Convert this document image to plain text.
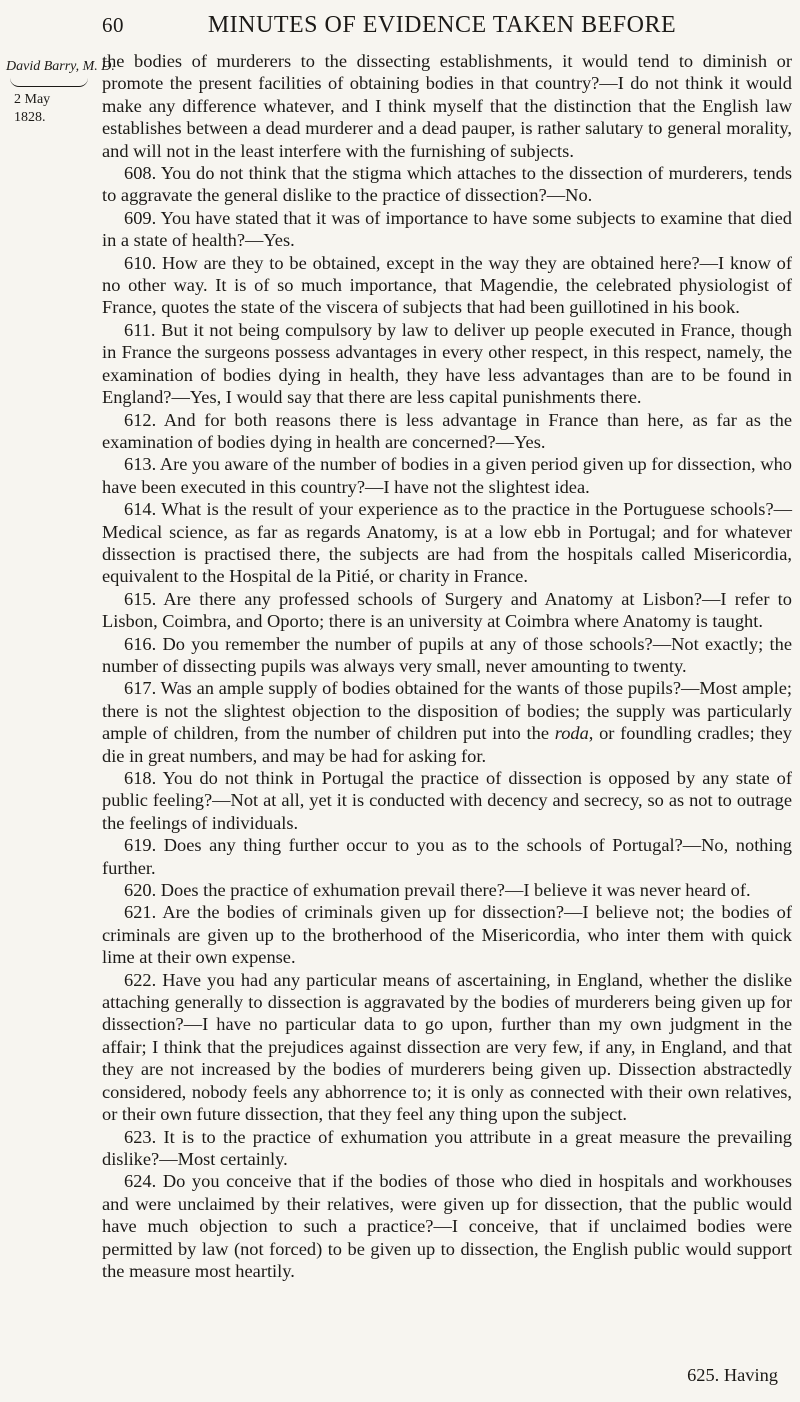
60	MINUTES OF EVIDENCE TAKEN BEFORE
David Barry, M. D.
2 May
1828.

the bodies of murderers to the dissecting establishments, it would tend to diminish or promote the present facilities of obtaining bodies in that country?—I do not think it would make any difference whatever, and I think myself that the distinction that the English law establishes between a dead murderer and a dead pauper, is rather salutary to general morality, and will not in the least interfere with the furnishing of subjects.

608. You do not think that the stigma which attaches to the dissection of murderers, tends to aggravate the general dislike to the practice of dissection?—No.

609. You have stated that it was of importance to have some subjects to examine that died in a state of health?—Yes.

610. How are they to be obtained, except in the way they are obtained here?—I know of no other way. It is of so much importance, that Magendie, the celebrated physiologist of France, quotes the state of the viscera of subjects that had been guillotined in his book.

611. But it not being compulsory by law to deliver up people executed in France, though in France the surgeons possess advantages in every other respect, in this respect, namely, the examination of bodies dying in health, they have less advantages than are to be found in England?—Yes, I would say that there are less capital punishments there.

612. And for both reasons there is less advantage in France than here, as far as the examination of bodies dying in health are concerned?—Yes.

613. Are you aware of the number of bodies in a given period given up for dissection, who have been executed in this country?—I have not the slightest idea.

614. What is the result of your experience as to the practice in the Portuguese schools?—Medical science, as far as regards Anatomy, is at a low ebb in Portugal; and for whatever dissection is practised there, the subjects are had from the hospitals called Misericordia, equivalent to the Hospital de la Pitié, or charity in France.

615. Are there any professed schools of Surgery and Anatomy at Lisbon?—I refer to Lisbon, Coimbra, and Oporto; there is an university at Coimbra where Anatomy is taught.

616. Do you remember the number of pupils at any of those schools?—Not exactly; the number of dissecting pupils was always very small, never amounting to twenty.

617. Was an ample supply of bodies obtained for the wants of those pupils?—Most ample; there is not the slightest objection to the disposition of bodies; the supply was particularly ample of children, from the number of children put into the roda, or foundling cradles; they die in great numbers, and may be had for asking for.

618. You do not think in Portugal the practice of dissection is opposed by any state of public feeling?—Not at all, yet it is conducted with decency and secrecy, so as not to outrage the feelings of individuals.

619. Does any thing further occur to you as to the schools of Portugal?—No, nothing further.

620. Does the practice of exhumation prevail there?—I believe it was never heard of.

621. Are the bodies of criminals given up for dissection?—I believe not; the bodies of criminals are given up to the brotherhood of the Misericordia, who inter them with quick lime at their own expense.

622. Have you had any particular means of ascertaining, in England, whether the dislike attaching generally to dissection is aggravated by the bodies of murderers being given up for dissection?—I have no particular data to go upon, further than my own judgment in the affair; I think that the prejudices against dissection are very few, if any, in England, and that they are not increased by the bodies of murderers being given up. Dissection abstractedly considered, nobody feels any abhorrence to; it is only as connected with their own relatives, or their own future dissection, that they feel any thing upon the subject.

623. It is to the practice of exhumation you attribute in a great measure the prevailing dislike?—Most certainly.

624. Do you conceive that if the bodies of those who died in hospitals and workhouses and were unclaimed by their relatives, were given up for dissection, that the public would have much objection to such a practice?—I conceive, that if unclaimed bodies were permitted by law (not forced) to be given up to dissection, the English public would support the measure most heartily.

625. Having
